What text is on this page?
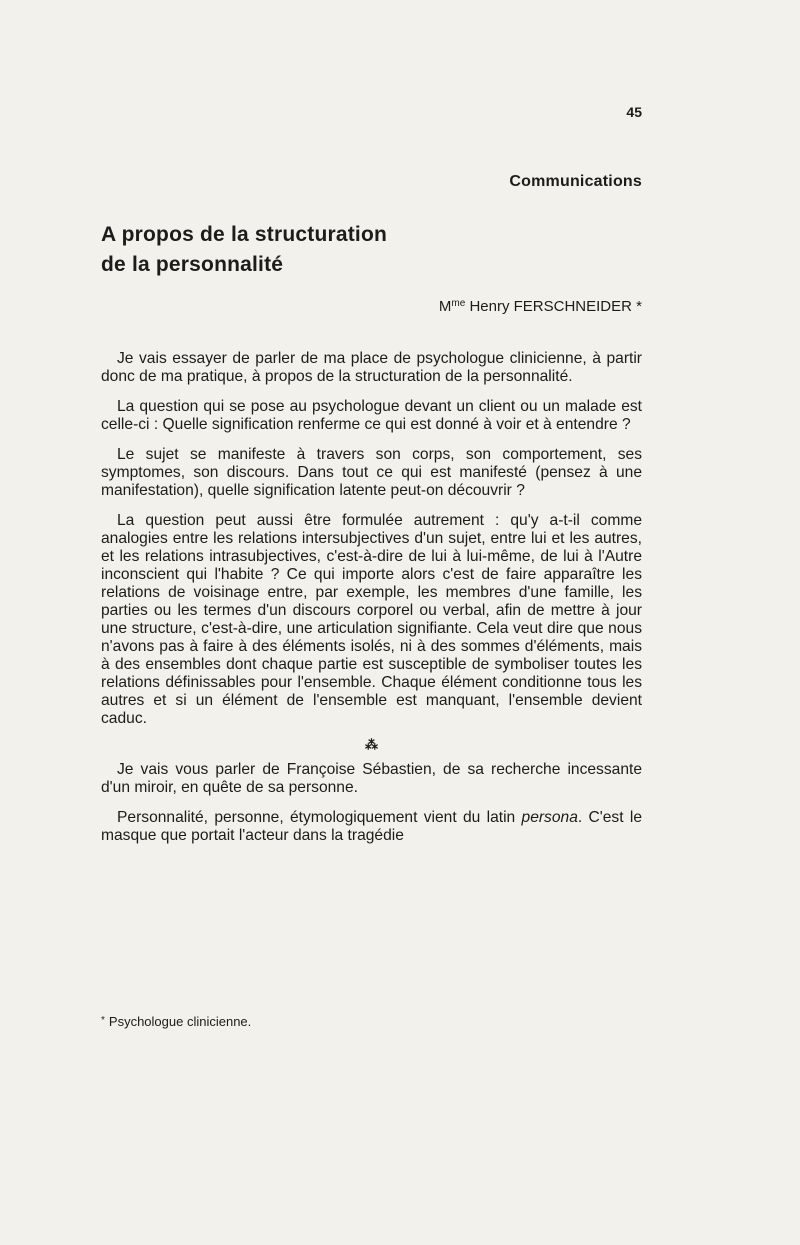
45
Communications
A propos de la structuration
de la personnalité
$M^{me}$ Henry FERSCHNEIDER *

Je vais essayer de parler de ma place de psychologue clinicienne, à partir donc de ma pratique, à propos de la structuration de la personnalité.

La question qui se pose au psychologue devant un client ou un malade est celle-ci : Quelle signification renferme ce qui est donné à voir et à entendre ?

Le sujet se manifeste à travers son corps, son comportement, ses symptomes, son discours. Dans tout ce qui est manifesté (pensez à une manifestation), quelle signification latente peut-on découvrir ?

La question peut aussi être formulée autrement : qu'y a-t-il comme analogies entre les relations intersubjectives d'un sujet, entre lui et les autres, et les relations intrasubjectives, c'est-à-dire de lui à lui-même, de lui à l'Autre inconscient qui l'habite ? Ce qui importe alors c'est de faire apparaître les relations de voisinage entre, par exemple, les membres d'une famille, les parties ou les termes d'un discours corporel ou verbal, afin de mettre à jour une structure, c'est-à-dire, une articulation signifiante. Cela veut dire que nous n'avons pas à faire à des éléments isolés, ni à des sommes d'éléments, mais à des ensembles dont chaque partie est susceptible de symboliser toutes les relations définissables pour l'ensemble. Chaque élément conditionne tous les autres et si un élément de l'ensemble est manquant, l'ensemble devient caduc.

⁂

Je vais vous parler de Françoise Sébastien, de sa recherche incessante d'un miroir, en quête de sa personne.

Personnalité, personne, étymologiquement vient du latin persona. C'est le masque que portait l'acteur dans la tragédie

* Psychologue clinicienne.
